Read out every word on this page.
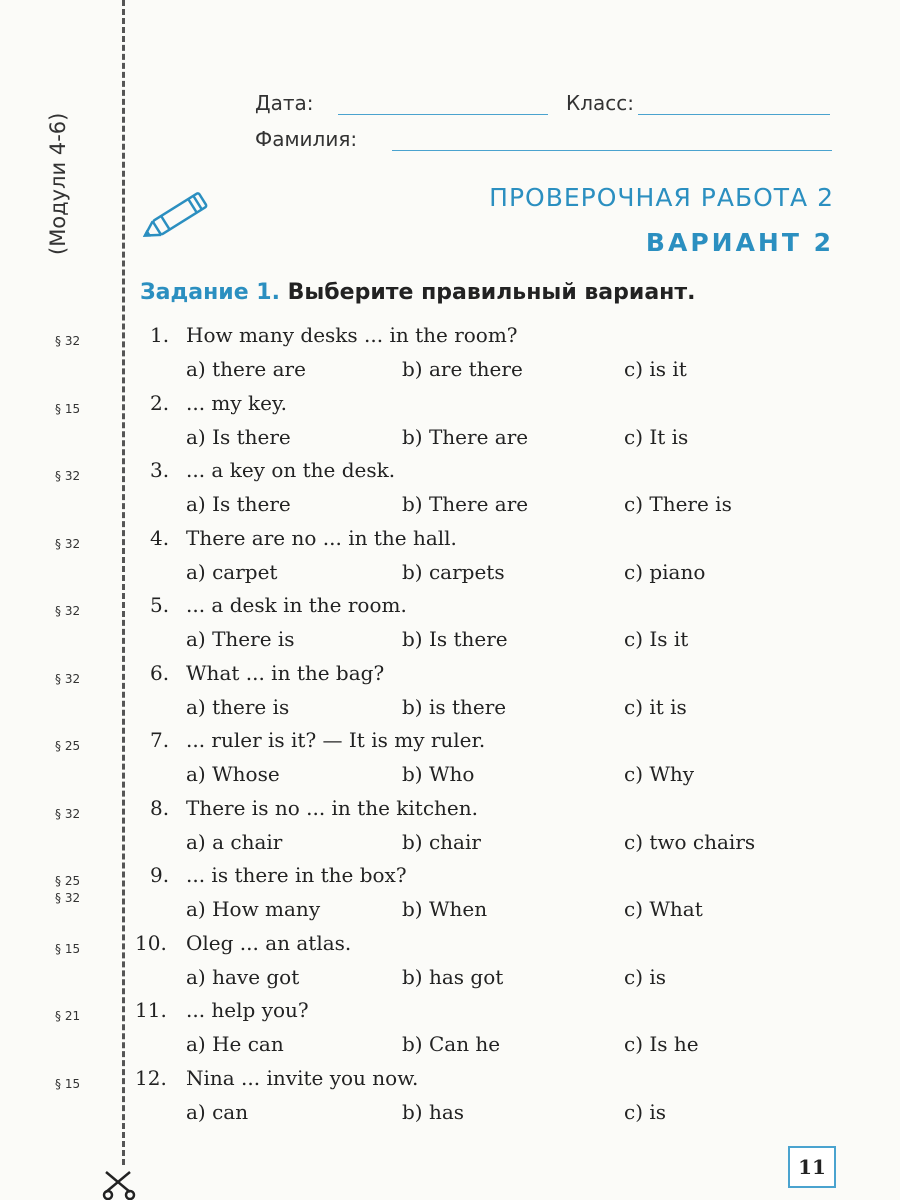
(Модули 4-6)
Дата:	Класс:
Фамилия:
ПРОВЕРОЧНАЯ РАБОТА 2
ВАРИАНТ 2
Задание 1. Выберите правильный вариант.
§ 32	1. How many desks ... in the room?
a) there are	b) are there	c) is it
§ 15	2. ... my key.
a) Is there	b) There are	c) It is
§ 32	3. ... a key on the desk.
a) Is there	b) There are	c) There is
§ 32	4. There are no ... in the hall.
a) carpet	b) carpets	c) piano
§ 32	5. ... a desk in the room.
a) There is	b) Is there	c) Is it
§ 32	6. What ... in the bag?
a) there is	b) is there	c) it is
§ 25	7. ... ruler is it? — It is my ruler.
a) Whose	b) Who	c) Why
§ 32	8. There is no ... in the kitchen.
a) a chair	b) chair	c) two chairs
§ 25
§ 32
9. ... is there in the box?
a) How many	b) When	c) What
§ 15	10. Oleg ... an atlas.
a) have got	b) has got	c) is
§ 21	11. ... help you?
a) He can	b) Can he	c) Is he
§ 15	12. Nina ... invite you now.
a) can	b) has	c) is
11
